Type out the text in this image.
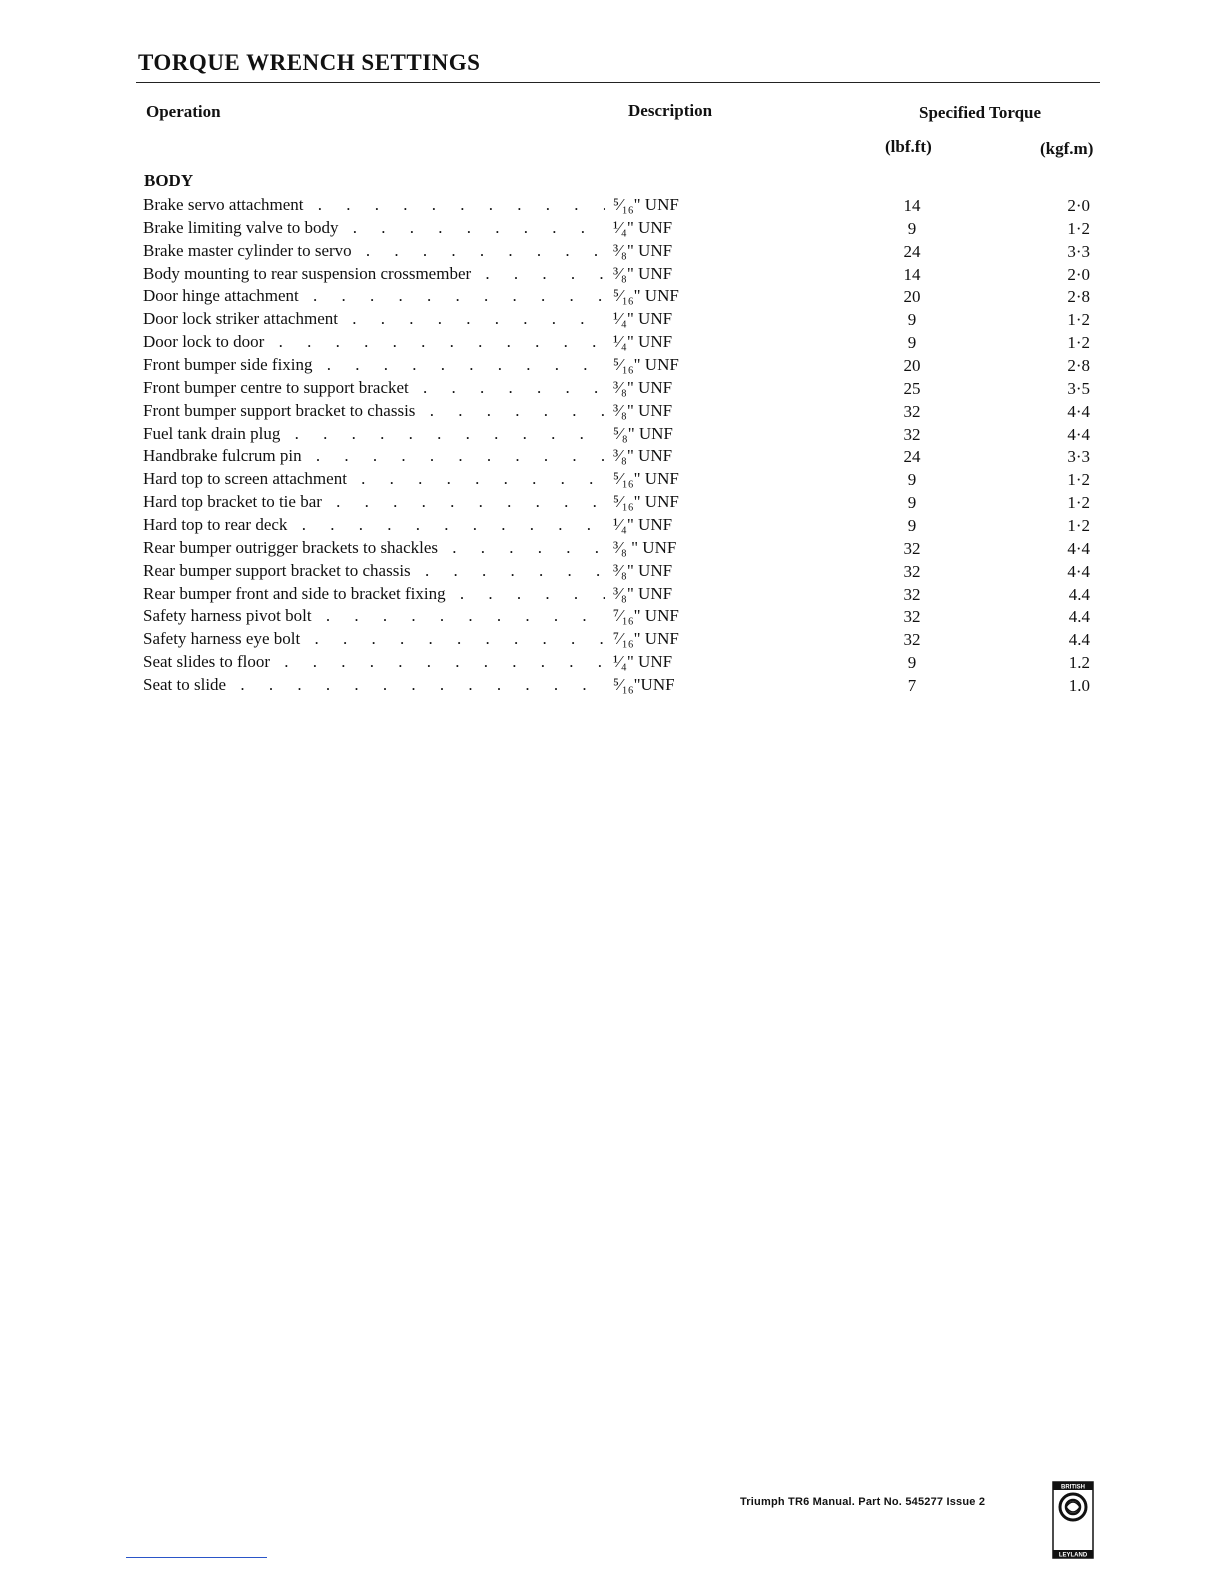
TORQUE WRENCH SETTINGS
Operation	Description	Specified Torque
(lbf.ft)	(kgf.m)
BODY
Brake servo attachment . . .	⁵⁄₁₆" UNF	14	2·0
Brake limiting valve to body . . .	¹⁄₄" UNF	9	1·2
Brake master cylinder to servo . . .	³⁄₈" UNF	24	3·3
Body mounting to rear suspension crossmember . . .	³⁄₈" UNF	14	2·0
Door hinge attachment . . .	⁵⁄₁₆" UNF	20	2·8
Door lock striker attachment . . .	¹⁄₄" UNF	9	1·2
Door lock to door . . .	¹⁄₄" UNF	9	1·2
Front bumper side fixing . . .	⁵⁄₁₆" UNF	20	2·8
Front bumper centre to support bracket . . .	³⁄₈" UNF	25	3·5
Front bumper support bracket to chassis . . .	³⁄₈" UNF	32	4·4
Fuel tank drain plug . . .	⁵⁄₈" UNF	32	4·4
Handbrake fulcrum pin . . .	³⁄₈" UNF	24	3·3
Hard top to screen attachment . . .	⁵⁄₁₆" UNF	9	1·2
Hard top bracket to tie bar . . .	⁵⁄₁₆" UNF	9	1·2
Hard top to rear deck . . .	¹⁄₄" UNF	9	1·2
Rear bumper outrigger brackets to shackles . . .	³⁄₈ " UNF	32	4·4
Rear bumper support bracket to chassis . . .	³⁄₈" UNF	32	4·4
Rear bumper front and side to bracket fixing . . .	³⁄₈" UNF	32	4.4
Safety harness pivot bolt . . .	⁷⁄₁₆" UNF	32	4.4
Safety harness eye bolt . . .	⁷⁄₁₆" UNF	32	4.4
Seat slides to floor . . .	¹⁄₄" UNF	9	1.2
Seat to slide . . .	⁵⁄₁₆"UNF	7	1.0
Triumph TR6 Manual. Part No. 545277 Issue 2
BRITISH
LEYLAND
